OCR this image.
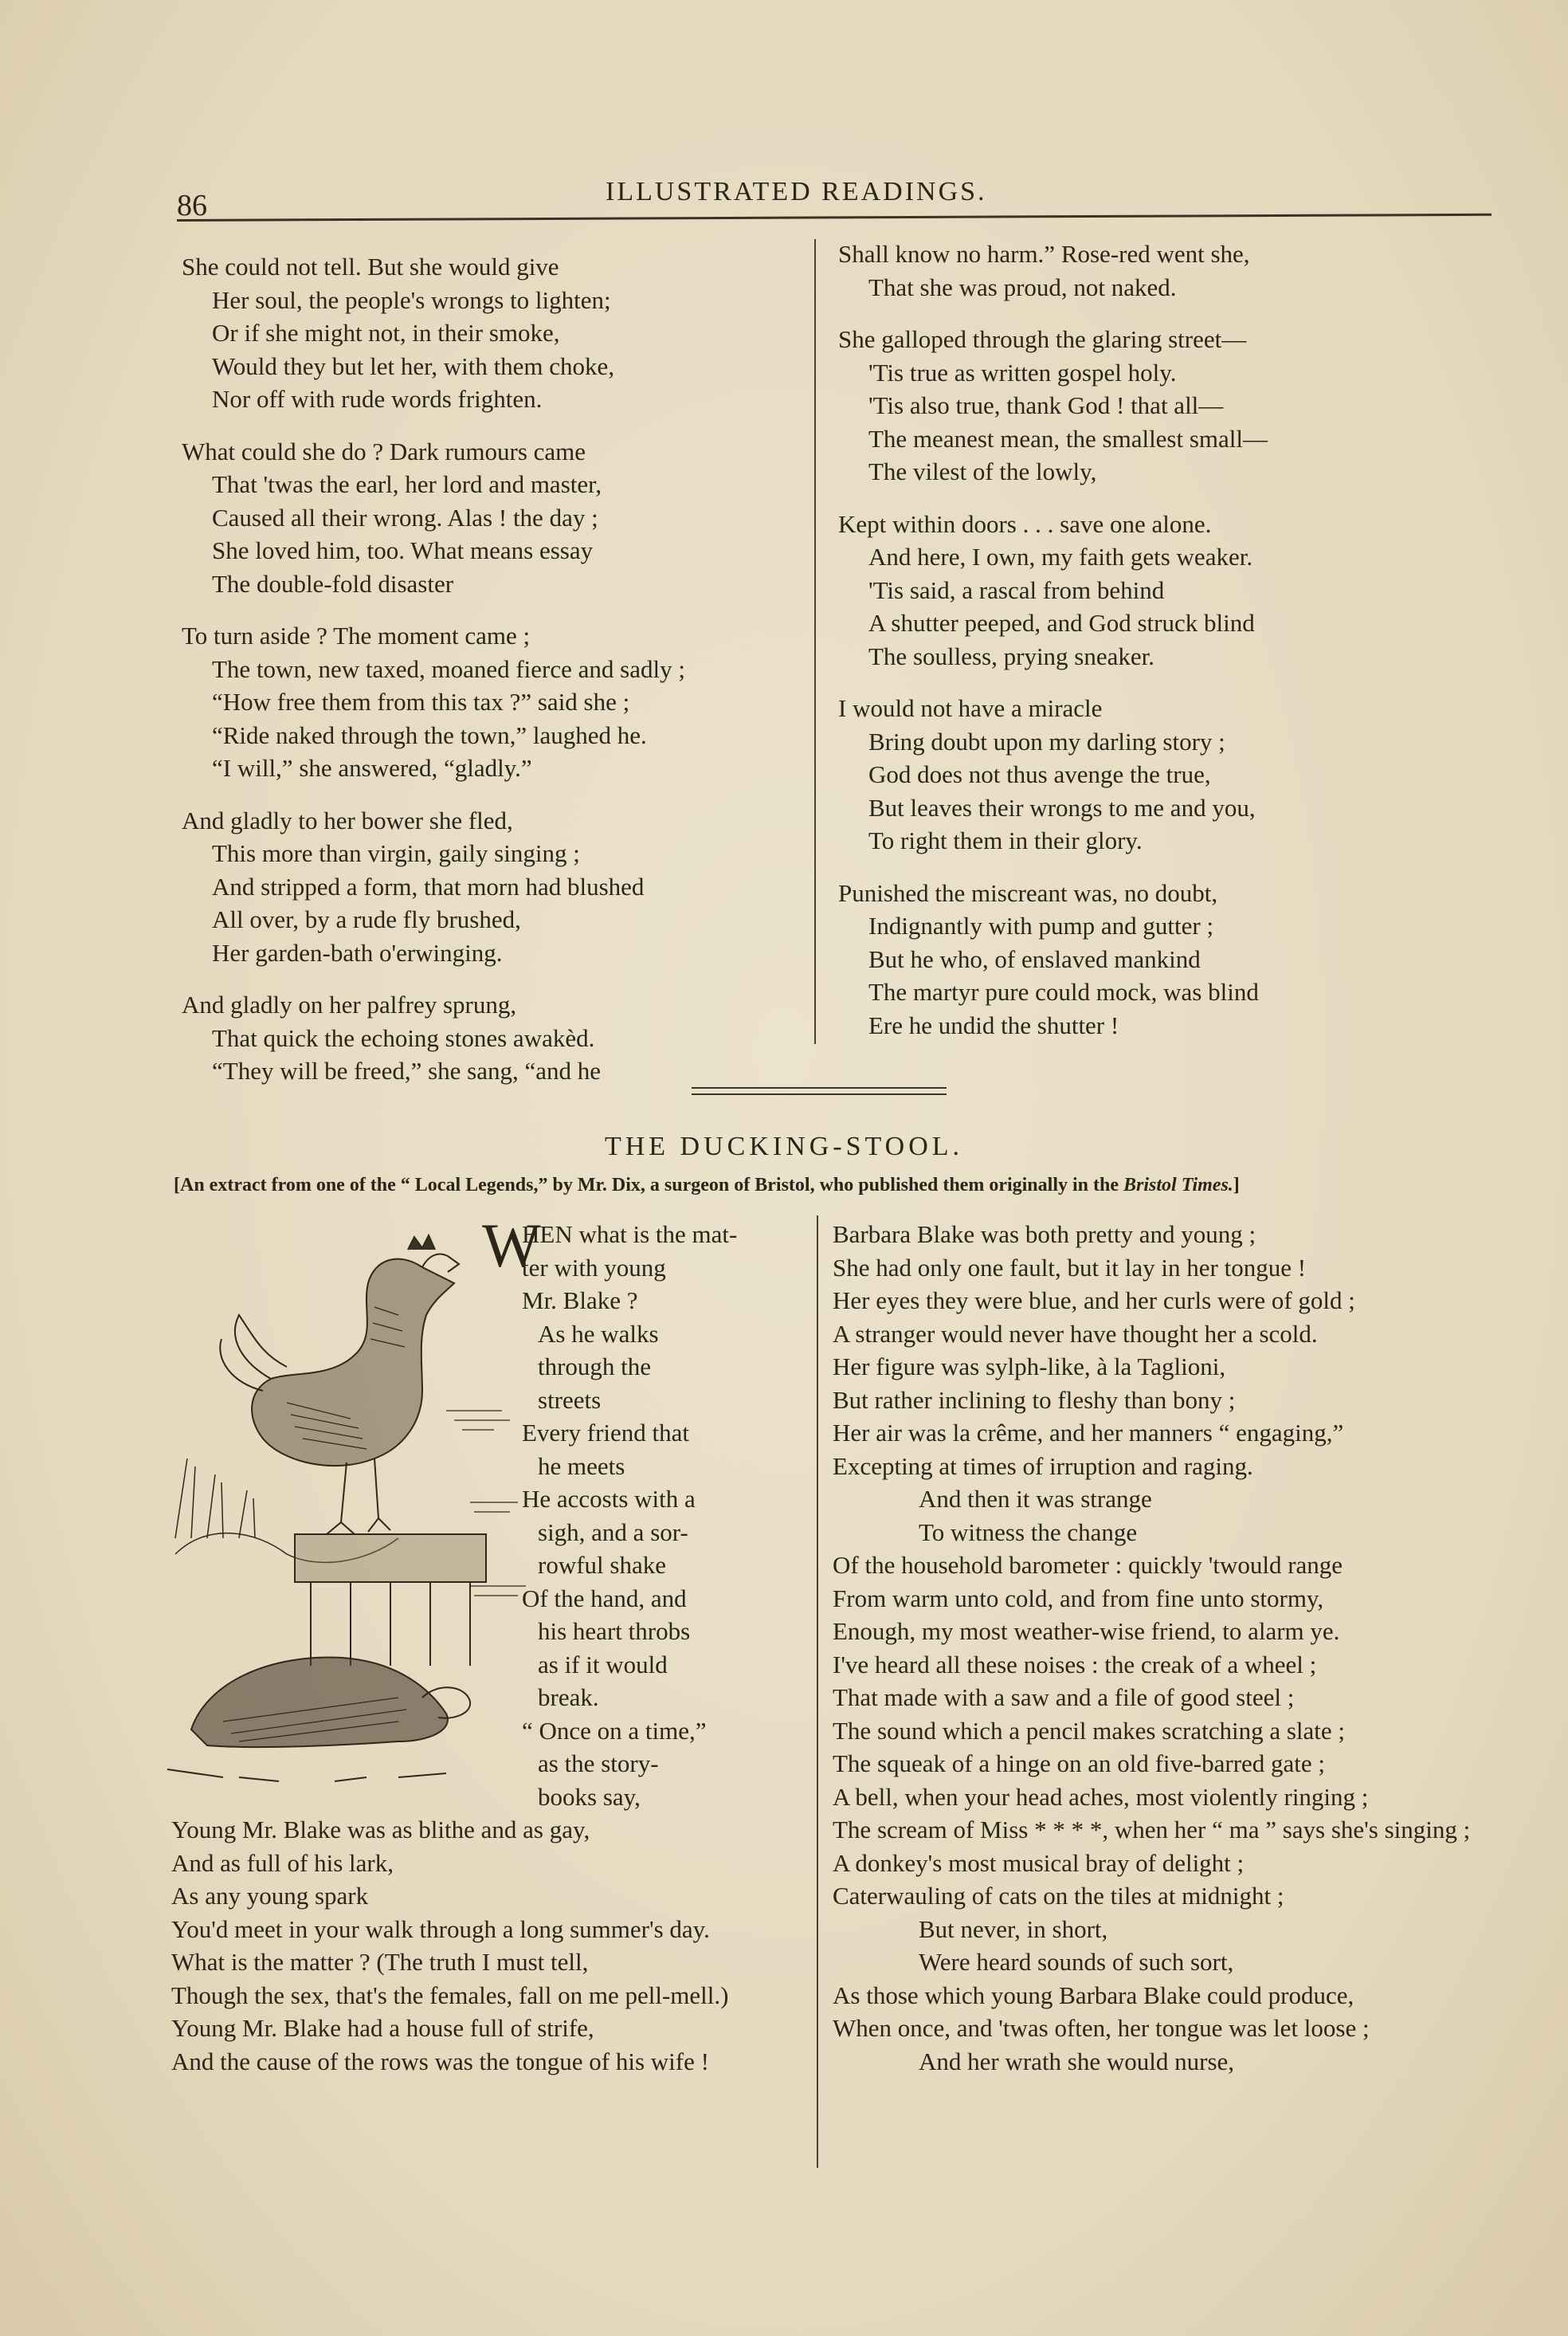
86	ILLUSTRATED READINGS.

She could not tell. But she would give
Her soul, the people's wrongs to lighten;
Or if she might not, in their smoke,
Would they but let her, with them choke,
Nor off with rude words frighten.

What could she do ? Dark rumours came
That 'twas the earl, her lord and master,
Caused all their wrong. Alas ! the day ;
She loved him, too. What means essay
The double-fold disaster

To turn aside ? The moment came ;
The town, new taxed, moaned fierce and sadly ;
“How free them from this tax ?” said she ;
“Ride naked through the town,” laughed he.
“I will,” she answered, “gladly.”

And gladly to her bower she fled,
This more than virgin, gaily singing ;
And stripped a form, that morn had blushed
All over, by a rude fly brushed,
Her garden-bath o'erwinging.

And gladly on her palfrey sprung,
That quick the echoing stones awakèd.
“They will be freed,” she sang, “and he

Shall know no harm.” Rose-red went she,
That she was proud, not naked.

She galloped through the glaring street—
'Tis true as written gospel holy.
'Tis also true, thank God ! that all—
The meanest mean, the smallest small—
The vilest of the lowly,

Kept within doors . . . save one alone.
And here, I own, my faith gets weaker.
'Tis said, a rascal from behind
A shutter peeped, and God struck blind
The soulless, prying sneaker.

I would not have a miracle
Bring doubt upon my darling story ;
God does not thus avenge the true,
But leaves their wrongs to me and you,
To right them in their glory.

Punished the miscreant was, no doubt,
Indignantly with pump and gutter ;
But he who, of enslaved mankind
The martyr pure could mock, was blind
Ere he undid the shutter !

THE DUCKING-STOOL.
[An extract from one of the “ Local Legends,” by Mr. Dix, a surgeon of Bristol, who published them originally in the Bristol Times.]
W
HEN what is the mat-
ter with young
Mr. Blake ?
As he walks
through the
streets
Every friend that
he meets
He accosts with a
sigh, and a sor-
rowful shake
Of the hand, and
his heart throbs
as if it would
break.
“ Once on a time,”
as the story-
books say,
Young Mr. Blake was as blithe and as gay,
And as full of his lark,
As any young spark
You'd meet in your walk through a long summer's day.
What is the matter ? (The truth I must tell,
Though the sex, that's the females, fall on me pell-mell.)
Young Mr. Blake had a house full of strife,
And the cause of the rows was the tongue of his wife !
Barbara Blake was both pretty and young ;
She had only one fault, but it lay in her tongue !
Her eyes they were blue, and her curls were of gold ;
A stranger would never have thought her a scold.
Her figure was sylph-like, à la Taglioni,
But rather inclining to fleshy than bony ;
Her air was la crême, and her manners “ engaging,”
Excepting at times of irruption and raging.
And then it was strange
To witness the change
Of the household barometer : quickly 'twould range
From warm unto cold, and from fine unto stormy,
Enough, my most weather-wise friend, to alarm ye.
I've heard all these noises : the creak of a wheel ;
That made with a saw and a file of good steel ;
The sound which a pencil makes scratching a slate ;
The squeak of a hinge on an old five-barred gate ;
A bell, when your head aches, most violently ringing ;
The scream of Miss * * * *, when her “ ma ” says she's singing ;
A donkey's most musical bray of delight ;
Caterwauling of cats on the tiles at midnight ;
But never, in short,
Were heard sounds of such sort,
As those which young Barbara Blake could produce,
When once, and 'twas often, her tongue was let loose ;
And her wrath she would nurse,
